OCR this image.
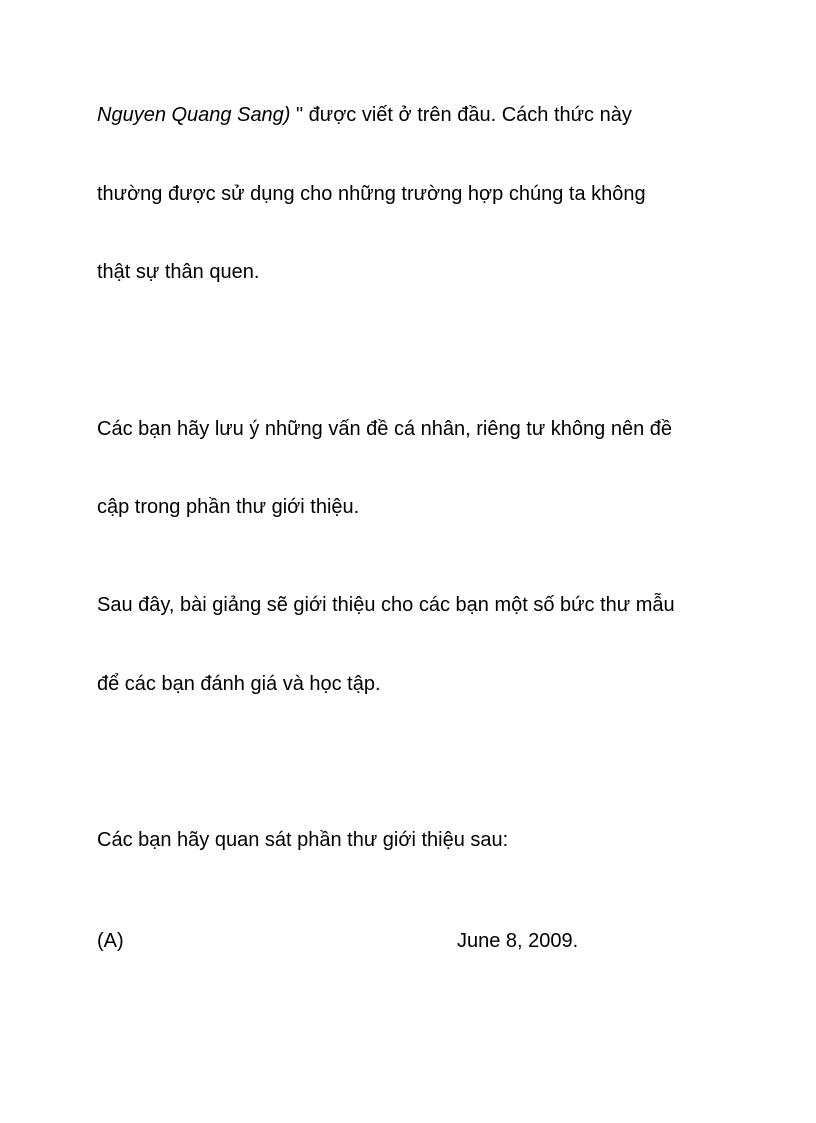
Nguyen Quang Sang) " được viết ở trên đầu. Cách thức này
thường được sử dụng cho những trường hợp chúng ta không
thật sự thân quen.
Các bạn hãy lưu ý những vấn đề cá nhân, riêng tư không nên đề
cập trong phần thư giới thiệu.
Sau đây, bài giảng sẽ giới thiệu cho các bạn một số bức thư mẫu
để các bạn đánh giá và học tập.
Các bạn hãy quan sát phần thư giới thiệu sau:
(A)	June 8, 2009.
